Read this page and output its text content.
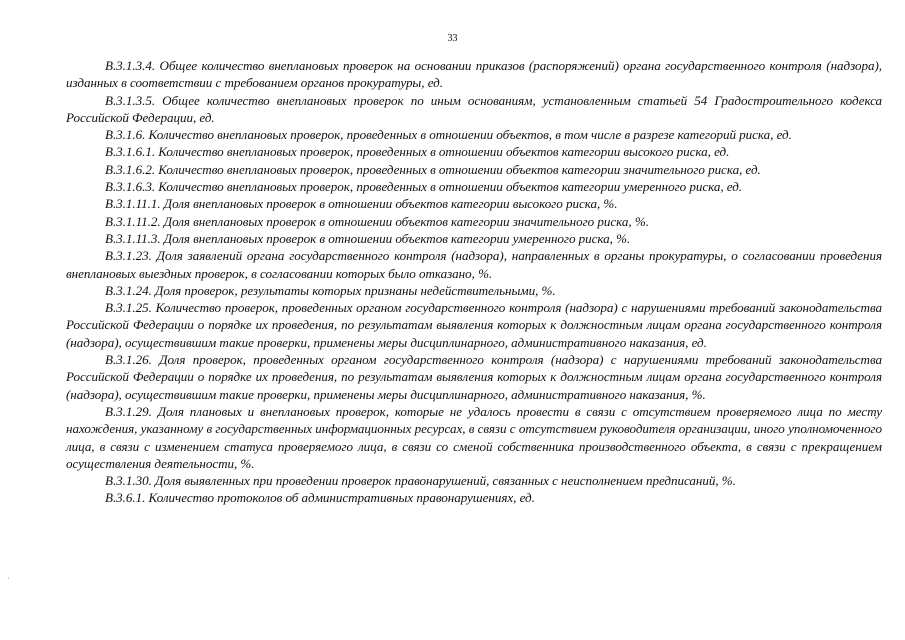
33

В.3.1.3.4. Общее количество внеплановых проверок на основании приказов (распоряжений) органа государственного контроля (надзора), изданных в соответствии с требованием органов прокуратуры, ед.

В.3.1.3.5. Общее количество внеплановых проверок по иным основаниям, установленным статьей 54 Градостроительного кодекса Российской Федерации, ед.

В.3.1.6. Количество внеплановых проверок, проведенных в отношении объектов, в том числе в разрезе категорий риска, ед.

В.3.1.6.1. Количество внеплановых проверок, проведенных в отношении объектов категории высокого риска, ед.

В.3.1.6.2. Количество внеплановых проверок, проведенных в отношении объектов категории значительного риска, ед.

В.3.1.6.3. Количество внеплановых проверок, проведенных в отношении объектов категории умеренного риска, ед.

В.3.1.11.1. Доля внеплановых проверок в отношении объектов категории высокого риска, %.

В.3.1.11.2. Доля внеплановых проверок в отношении объектов категории значительного риска, %.

В.3.1.11.3. Доля внеплановых проверок в отношении объектов категории умеренного риска, %.

В.3.1.23. Доля заявлений органа государственного контроля (надзора), направленных в органы прокуратуры, о согласовании проведения внеплановых выездных проверок, в согласовании которых было отказано, %.

В.3.1.24. Доля проверок, результаты которых признаны недействительными, %.

В.3.1.25. Количество проверок, проведенных органом государственного контроля (надзора) с нарушениями требований законодательства Российской Федерации о порядке их проведения, по результатам выявления которых к должностным лицам органа государственного контроля (надзора), осуществившим такие проверки, применены меры дисциплинарного, административного наказания, ед.

В.3.1.26. Доля проверок, проведенных органом государственного контроля (надзора) с нарушениями требований законодательства Российской Федерации о порядке их проведения, по результатам выявления которых к должностным лицам органа государственного контроля (надзора), осуществившим такие проверки, применены меры дисциплинарного, административного наказания, %.

В.3.1.29. Доля плановых и внеплановых проверок, которые не удалось провести в связи с отсутствием проверяемого лица по месту нахождения, указанному в государственных информационных ресурсах, в связи с отсутствием руководителя организации, иного уполномоченного лица, в связи с изменением статуса проверяемого лица, в связи со сменой собственника производственного объекта, в связи с прекращением осуществления деятельности, %.

В.3.1.30. Доля выявленных при проведении проверок правонарушений, связанных с неисполнением предписаний, %.

В.3.6.1. Количество протоколов об административных правонарушениях, ед.

·
